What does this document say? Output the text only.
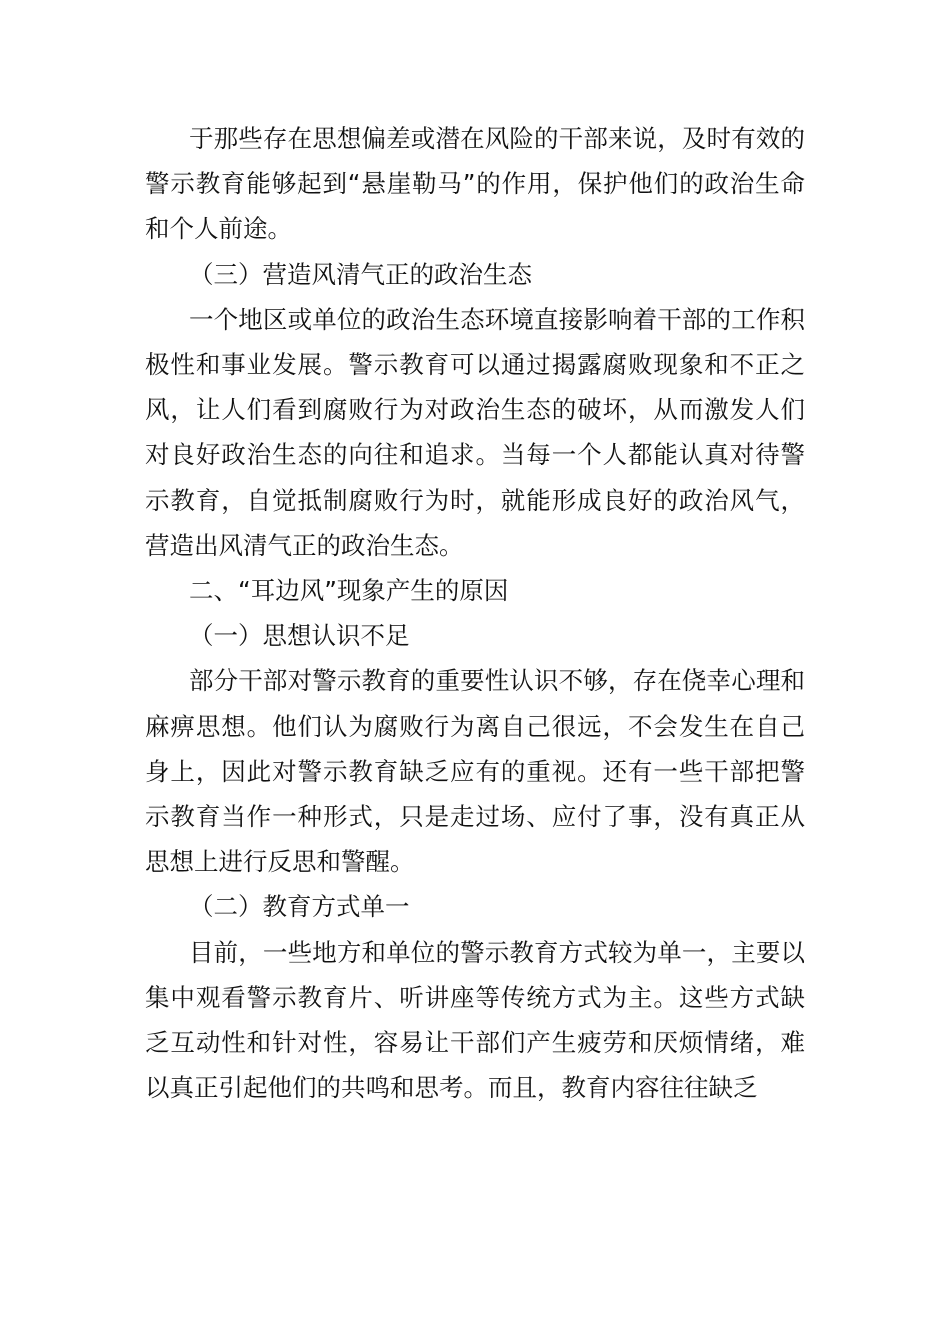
于那些存在思想偏差或潜在风险的干部来说，及时有效的警示教育能够起到“悬崖勒马”的作用，保护他们的政治生命和个人前途。

（三）营造风清气正的政治生态

一个地区或单位的政治生态环境直接影响着干部的工作积极性和事业发展。警示教育可以通过揭露腐败现象和不正之风，让人们看到腐败行为对政治生态的破坏，从而激发人们对良好政治生态的向往和追求。当每一个人都能认真对待警示教育，自觉抵制腐败行为时，就能形成良好的政治风气，营造出风清气正的政治生态。

二、“耳边风”现象产生的原因

（一）思想认识不足

部分干部对警示教育的重要性认识不够，存在侥幸心理和麻痹思想。他们认为腐败行为离自己很远，不会发生在自己身上，因此对警示教育缺乏应有的重视。还有一些干部把警示教育当作一种形式，只是走过场、应付了事，没有真正从思想上进行反思和警醒。

（二）教育方式单一

目前，一些地方和单位的警示教育方式较为单一，主要以集中观看警示教育片、听讲座等传统方式为主。这些方式缺乏互动性和针对性，容易让干部们产生疲劳和厌烦情绪，难以真正引起他们的共鸣和思考。而且，教育内容往往缺乏
